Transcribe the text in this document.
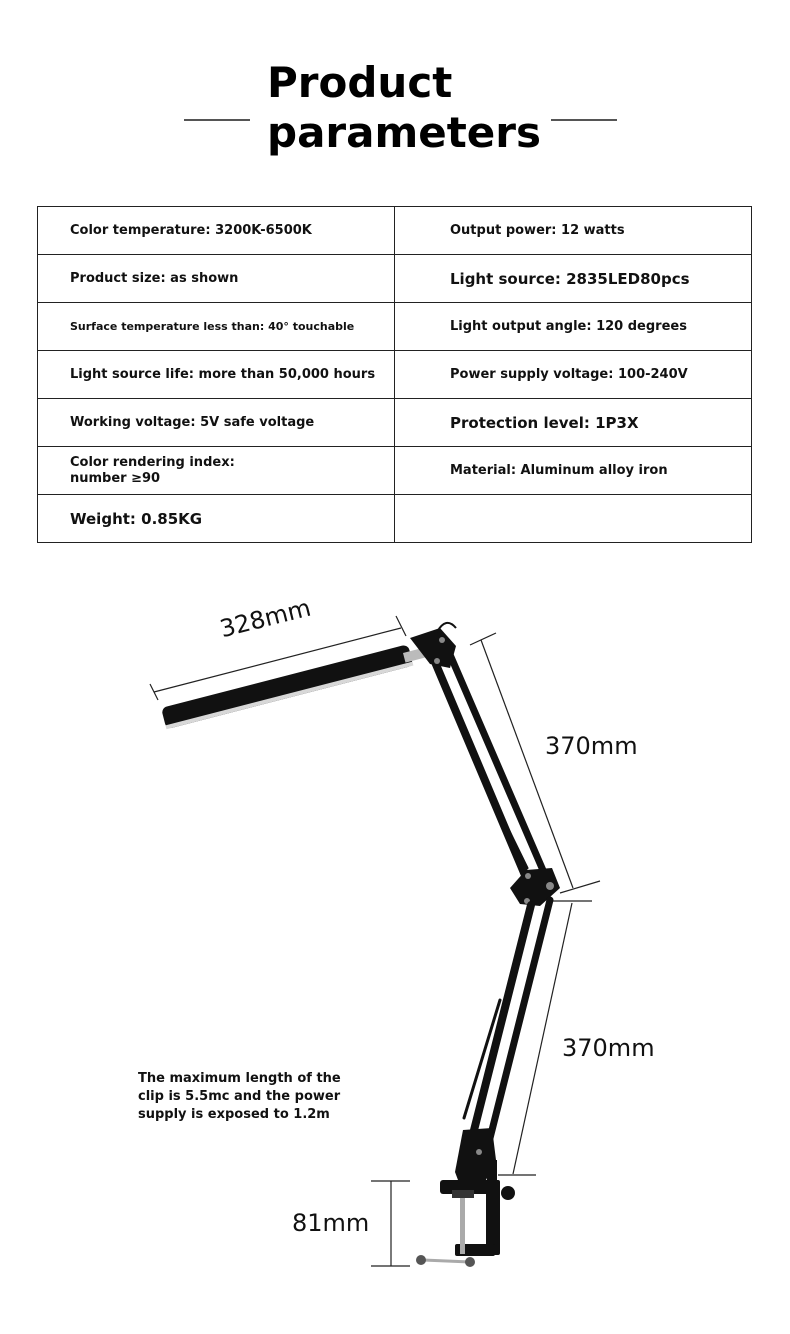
Product
parameters
Color temperature: 3200K-6500K	Output power: 12 watts
Product size: as shown	Light source: 2835LED80pcs
Surface temperature less than: 40° touchable	Light output angle: 120 degrees
Light source life: more than 50,000 hours	Power supply voltage: 100-240V
Working voltage: 5V safe voltage	Protection level: 1P3X

Color rendering index:
number ≥90	Material: Aluminum alloy iron
Weight: 0.85KG	
328mm
370mm
370mm
81mm
The maximum length of the
clip is 5.5mc and the power
supply is exposed to 1.2m
